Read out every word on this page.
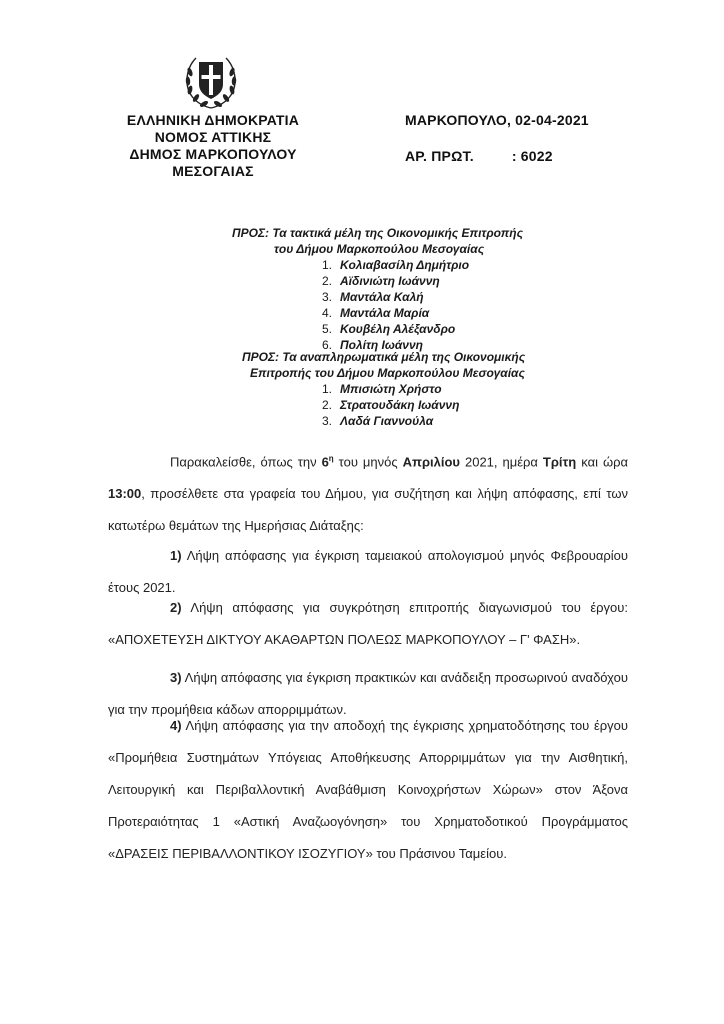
ΕΛΛΗΝΙΚΗ ΔΗΜΟΚΡΑΤΙΑ
ΝΟΜΟΣ ΑΤΤΙΚΗΣ
ΔΗΜΟΣ ΜΑΡΚΟΠΟΥΛΟΥ
ΜΕΣΟΓΑΙΑΣ
ΜΑΡΚΟΠΟΥΛΟ, 02-04-2021
ΑΡ. ΠΡΩΤ.	: 6022
ΠΡΟΣ: Τα τακτικά μέλη της Οικονομικής Επιτροπής
του Δήμου Μαρκοπούλου Μεσογαίας
1. Κολιαβασίλη Δημήτριο
2. Αϊδινιώτη Ιωάννη
3. Μαντάλα Καλή
4. Μαντάλα Μαρία
5. Κουβέλη Αλέξανδρο
6. Πολίτη Ιωάννη
ΠΡΟΣ: Τα αναπληρωματικά μέλη της Οικονομικής
Επιτροπής του Δήμου Μαρκοπούλου Μεσογαίας
1. Μπισιώτη Χρήστο
2. Στρατουδάκη Ιωάννη
3. Λαδά Γιαννούλα
Παρακαλείσθε, όπως την $6^\eta$ του μηνός Απριλίου 2021, ημέρα Τρίτη και ώρα 13:00, προσέλθετε στα γραφεία του Δήμου, για συζήτηση και λήψη απόφασης, επί των κατωτέρω θεμάτων της Ημερήσιας Διάταξης:
1) Λήψη απόφασης για έγκριση ταμειακού απολογισμού μηνός Φεβρουαρίου έτους 2021.
2) Λήψη απόφασης για συγκρότηση επιτροπής διαγωνισμού του έργου: «ΑΠΟΧΕΤΕΥΣΗ ΔΙΚΤΥΟΥ ΑΚΑΘΑΡΤΩΝ ΠΟΛΕΩΣ ΜΑΡΚΟΠΟΥΛΟΥ – Γ' ΦΑΣΗ».
3) Λήψη απόφασης για έγκριση πρακτικών και ανάδειξη προσωρινού αναδόχου για την προμήθεια κάδων απορριμμάτων.
4) Λήψη απόφασης για την αποδοχή της έγκρισης χρηματοδότησης του έργου «Προμήθεια Συστημάτων Υπόγειας Αποθήκευσης Απορριμμάτων για την Αισθητική, Λειτουργική και Περιβαλλοντική Αναβάθμιση Κοινοχρήστων Χώρων» στον Άξονα Προτεραιότητας 1 «Αστική Αναζωογόνηση» του Χρηματοδοτικού Προγράμματος «ΔΡΑΣΕΙΣ ΠΕΡΙΒΑΛΛΟΝΤΙΚΟΥ ΙΣΟΖΥΓΙΟΥ» του Πράσινου Ταμείου.
